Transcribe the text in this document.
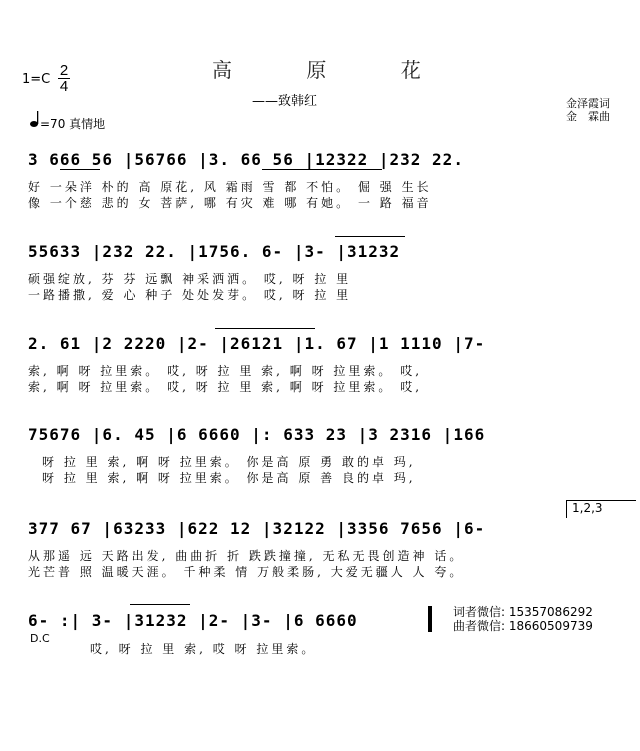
高 原 花
——致韩红	金泽霞词
金　霖曲
1=C
2
4
=70 真情地
3 666 56 |56766 |3. 66 56 |12322 |232 22.
好 一朵洋 朴的 高 原花, 风 霜雨 雪 都 不怕。 倔 强 生长
像 一个慈 悲的 女 菩萨, 哪 有灾 难 哪 有她。 一 路 福音
55633 |232 22. |1756. 6- |3- |31232
硕强绽放, 芬 芬 远飘 神采洒洒。 哎, 呀 拉 里
一路播撒, 爱 心 种子 处处发芽。 哎, 呀 拉 里
2. 61 |2 2220 |2- |26121 |1. 67 |1 1110 |7-
索, 啊 呀 拉里索。 哎, 呀 拉 里 索, 啊 呀 拉里索。 哎,
索, 啊 呀 拉里索。 哎, 呀 拉 里 索, 啊 呀 拉里索。 哎,
75676 |6. 45 |6 6660 |: 633 23 |3 2316 |166
呀 拉 里 索, 啊 呀 拉里索。 你是高 原 勇 敢的卓 玛,
呀 拉 里 索, 啊 呀 拉里索。 你是高 原 善 良的卓 玛,
1,2,3
377 67 |63233 |622 12 |32122 |3356 7656 |6-
从那遥 远 天路出发, 曲曲折 折 跌跌撞撞, 无私无畏创造神 话。
光芒普 照 温暖天涯。 千种柔 情 万般柔肠, 大爱无疆人 人 夸。
6- :| 3- |31232 |2- |3- |6 6660
D.C
哎, 呀 拉 里 索, 哎 呀 拉里索。
词者微信: 15357086292
曲者微信: 18660509739
